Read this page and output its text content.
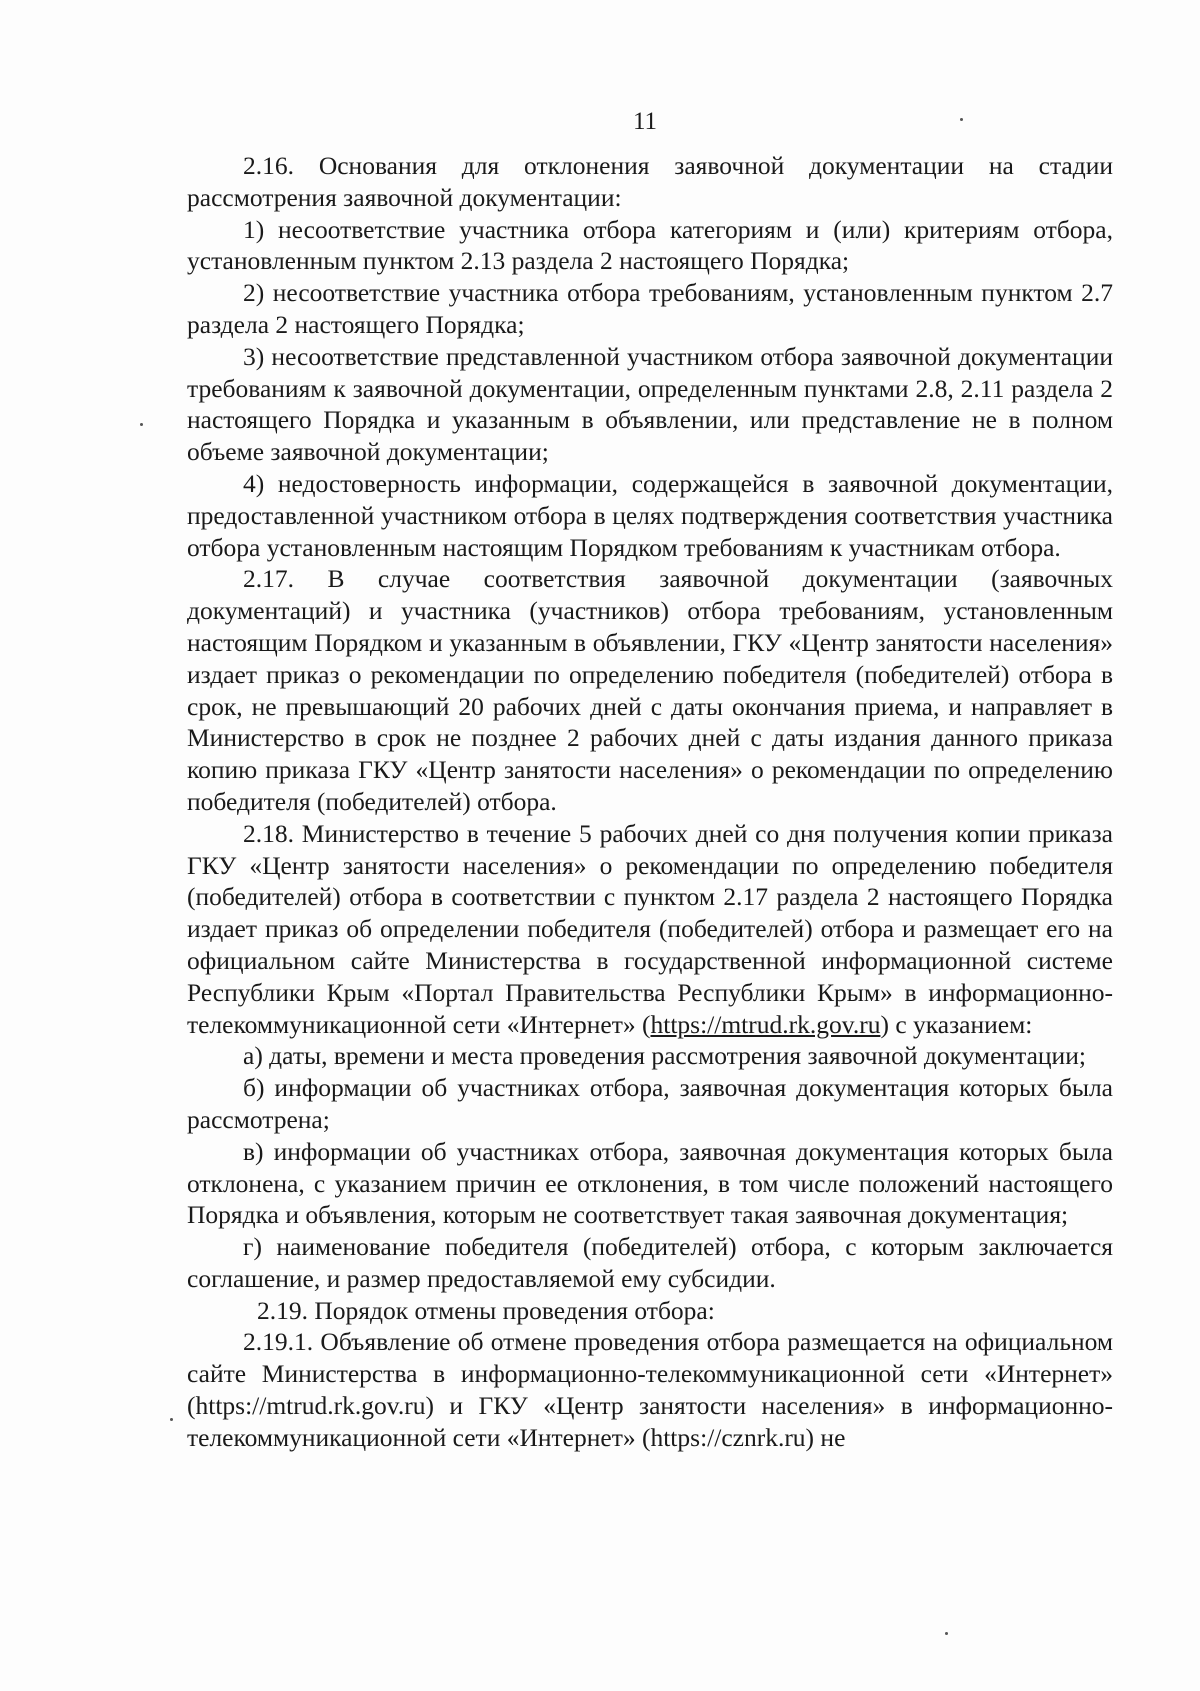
11

2.16. Основания для отклонения заявочной документации на стадии рассмотрения заявочной документации:

1) несоответствие участника отбора категориям и (или) критериям отбора, установленным пунктом 2.13 раздела 2 настоящего Порядка;

2) несоответствие участника отбора требованиям, установленным пунктом 2.7 раздела 2 настоящего Порядка;

3) несоответствие представленной участником отбора заявочной документации требованиям к заявочной документации, определенным пунктами 2.8, 2.11 раздела 2 настоящего Порядка и указанным в объявлении, или представление не в полном объеме заявочной документации;

4) недостоверность информации, содержащейся в заявочной документации, предоставленной участником отбора в целях подтверждения соответствия участника отбора установленным настоящим Порядком требованиям к участникам отбора.

2.17. В случае соответствия заявочной документации (заявочных документаций) и участника (участников) отбора требованиям, установленным настоящим Порядком и указанным в объявлении, ГКУ «Центр занятости населения» издает приказ о рекомендации по определению победителя (победителей) отбора в срок, не превышающий 20 рабочих дней с даты окончания приема, и направляет в Министерство в срок не позднее 2 рабочих дней с даты издания данного приказа копию приказа ГКУ «Центр занятости населения» о рекомендации по определению победителя (победителей) отбора.

2.18. Министерство в течение 5 рабочих дней со дня получения копии приказа ГКУ «Центр занятости населения» о рекомендации по определению победителя (победителей) отбора в соответствии с пунктом 2.17 раздела 2 настоящего Порядка издает приказ об определении победителя (победителей) отбора и размещает его на официальном сайте Министерства в государственной информационной системе Республики Крым «Портал Правительства Республики Крым» в информационно-телекоммуникационной сети «Интернет» (https://mtrud.rk.gov.ru) с указанием:

а) даты, времени и места проведения рассмотрения заявочной документации;

б) информации об участниках отбора, заявочная документация которых была рассмотрена;

в) информации об участниках отбора, заявочная документация которых была отклонена, с указанием причин ее отклонения, в том числе положений настоящего Порядка и объявления, которым не соответствует такая заявочная документация;

г) наименование победителя (победителей) отбора, с которым заключается соглашение, и размер предоставляемой ему субсидии.

2.19. Порядок отмены проведения отбора:

2.19.1. Объявление об отмене проведения отбора размещается на официальном сайте Министерства в информационно-телекоммуникационной сети «Интернет» (https://mtrud.rk.gov.ru) и ГКУ «Центр занятости населения» в информационно-телекоммуникационной сети «Интернет» (https://cznrk.ru) не
